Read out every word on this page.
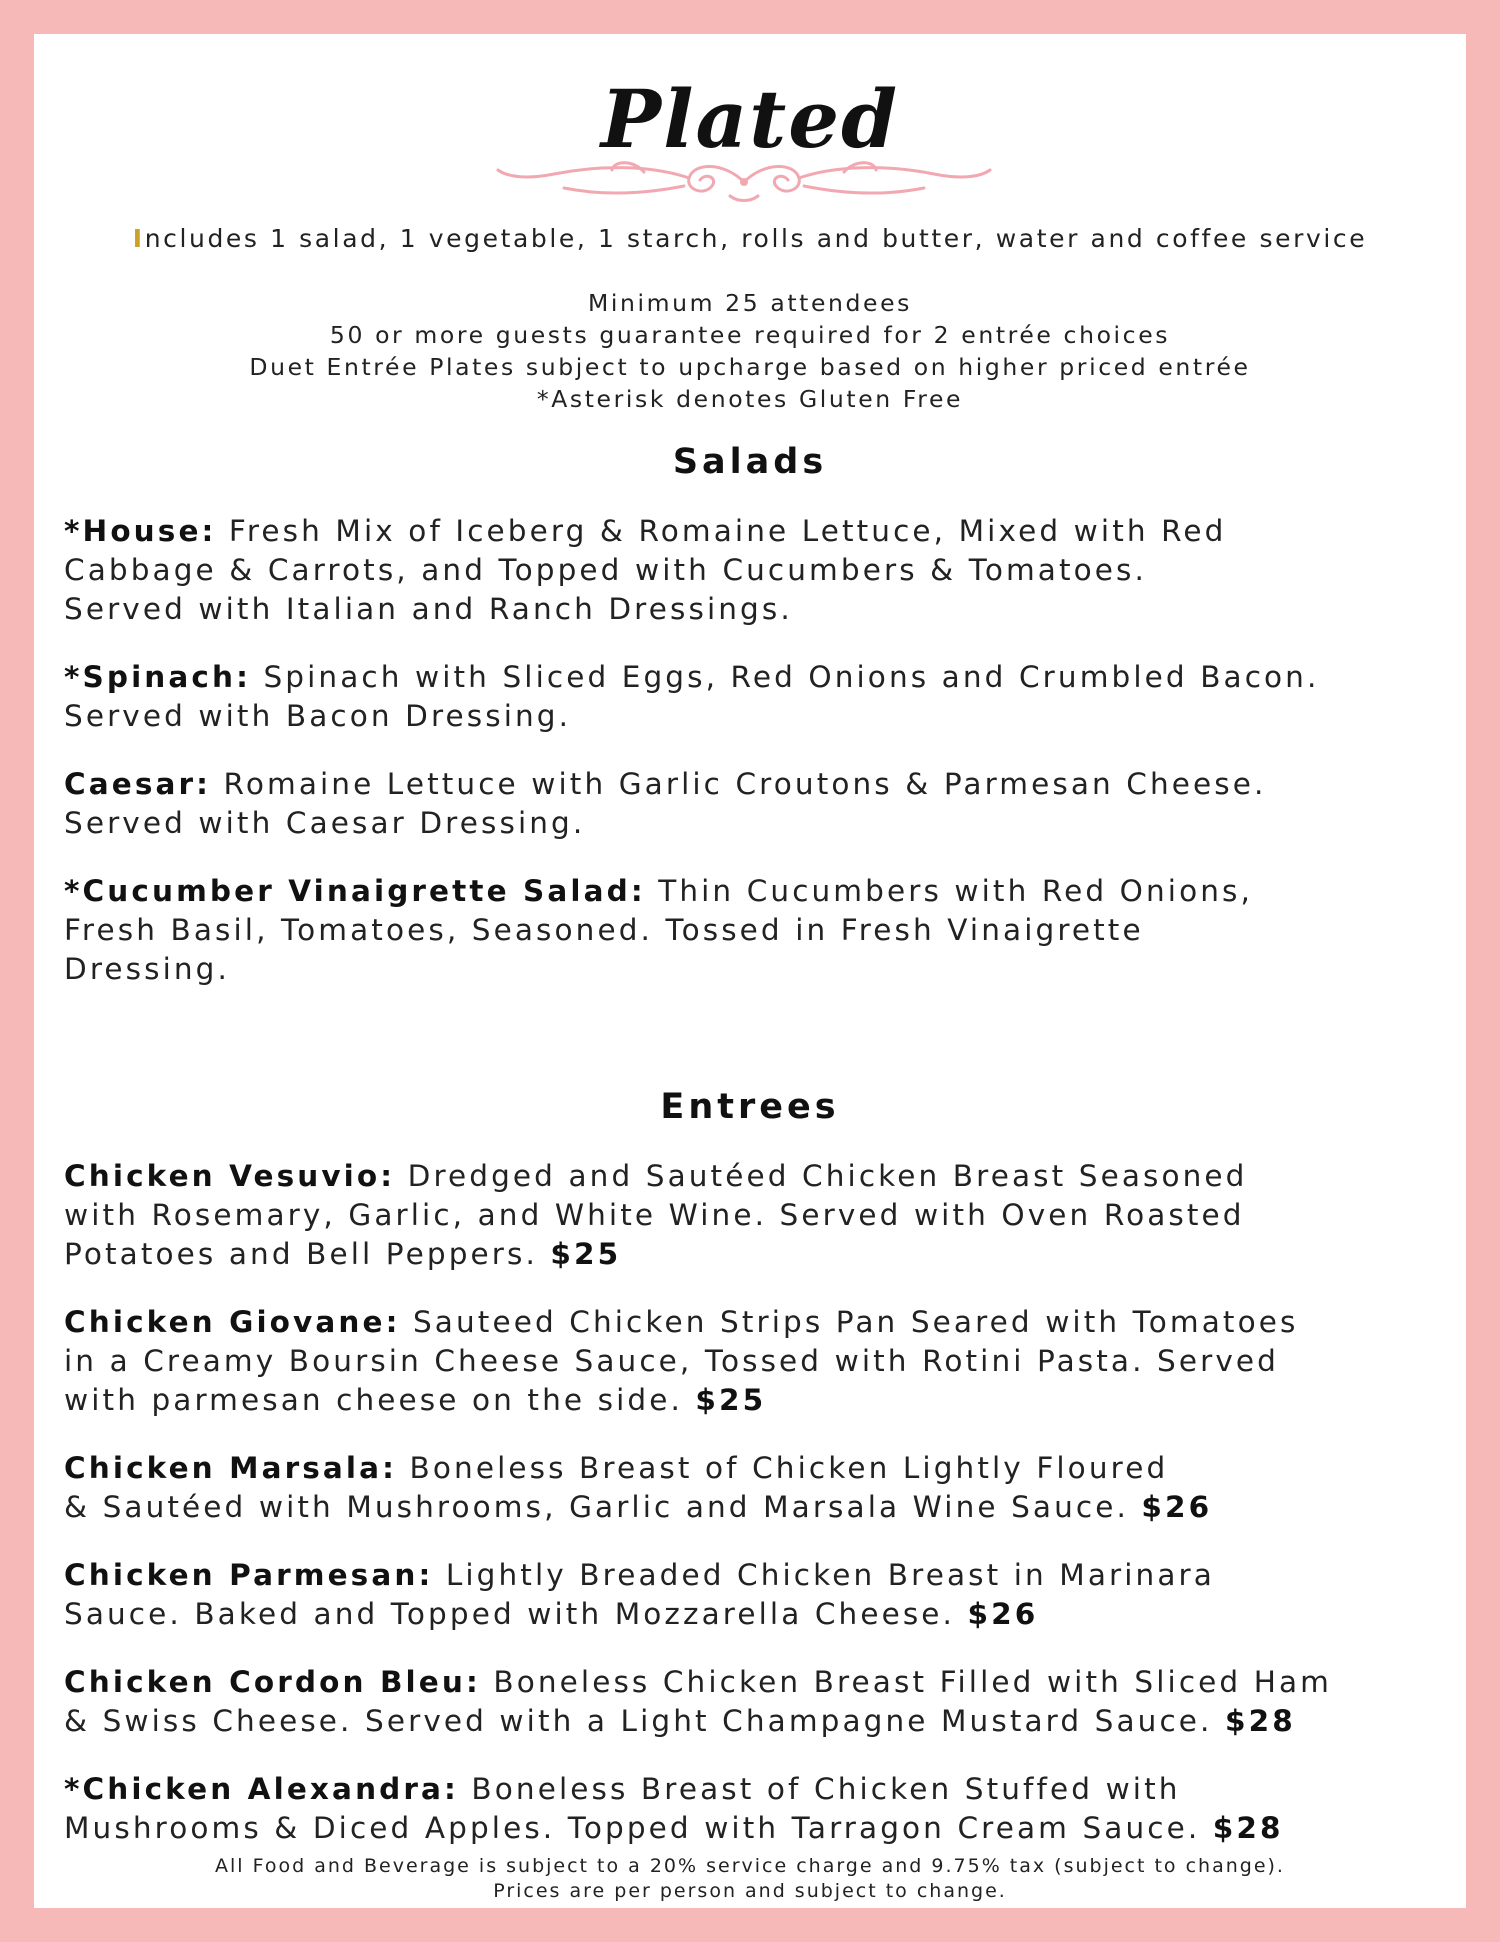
Plated
Includes 1 salad, 1 vegetable, 1 starch, rolls and butter, water and coffee service
Minimum 25 attendees
50 or more guests guarantee required for 2 entrée choices
Duet Entrée Plates subject to upcharge based on higher priced entrée
*Asterisk denotes Gluten Free
Salads
*House: Fresh Mix of Iceberg & Romaine Lettuce, Mixed with Red
Cabbage & Carrots, and Topped with Cucumbers & Tomatoes.
Served with Italian and Ranch Dressings.
*Spinach: Spinach with Sliced Eggs, Red Onions and Crumbled Bacon.
Served with Bacon Dressing.
Caesar: Romaine Lettuce with Garlic Croutons & Parmesan Cheese.
Served with Caesar Dressing.
*Cucumber Vinaigrette Salad: Thin Cucumbers with Red Onions,
Fresh Basil, Tomatoes, Seasoned. Tossed in Fresh Vinaigrette
Dressing.
Entrees
Chicken Vesuvio: Dredged and Sautéed Chicken Breast Seasoned
with Rosemary, Garlic, and White Wine. Served with Oven Roasted
Potatoes and Bell Peppers. $25
Chicken Giovane: Sauteed Chicken Strips Pan Seared with Tomatoes
in a Creamy Boursin Cheese Sauce, Tossed with Rotini Pasta. Served
with parmesan cheese on the side. $25
Chicken Marsala: Boneless Breast of Chicken Lightly Floured
& Sautéed with Mushrooms, Garlic and Marsala Wine Sauce. $26
Chicken Parmesan: Lightly Breaded Chicken Breast in Marinara
Sauce. Baked and Topped with Mozzarella Cheese. $26
Chicken Cordon Bleu: Boneless Chicken Breast Filled with Sliced Ham
& Swiss Cheese. Served with a Light Champagne Mustard Sauce. $28
*Chicken Alexandra: Boneless Breast of Chicken Stuffed with
Mushrooms & Diced Apples. Topped with Tarragon Cream Sauce. $28
All Food and Beverage is subject to a 20% service charge and 9.75% tax (subject to change).
Prices are per person and subject to change.
